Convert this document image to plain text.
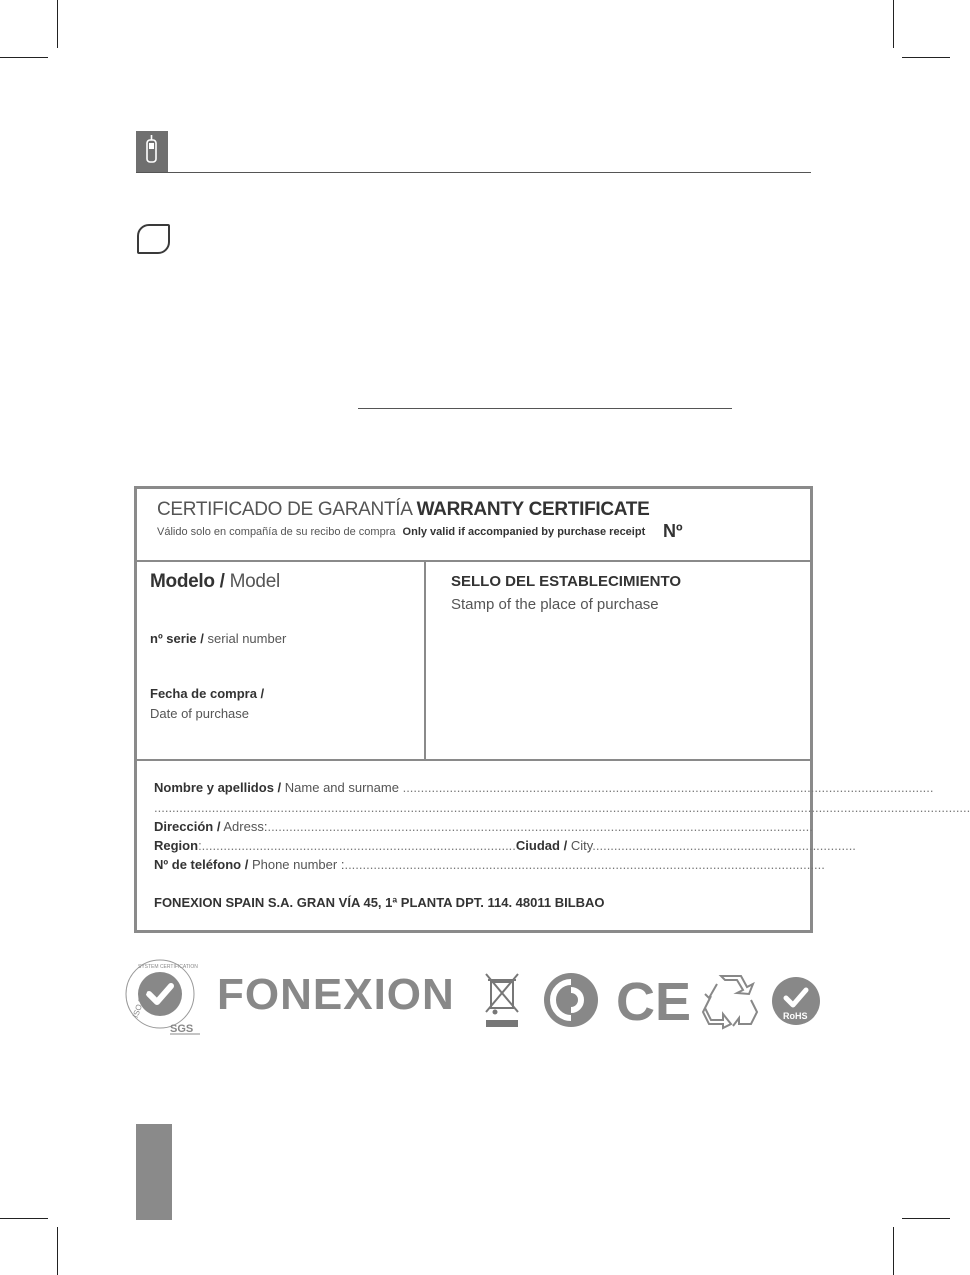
CERTIFICADO DE GARANTÍA WARRANTY CERTIFICATE
Válido solo en compañía de su recibo de compra Only valid if accompanied by purchase receipt Nº
Modelo / Model
nº serie / serial number
Fecha de compra /
Date of purchase
SELLO DEL ESTABLECIMIENTO
Stamp of the place of purchase
Nombre y apellidos / Name and surname ...................................................................................................................................................
..................................................................................................................................................................................................................................
Dirección / Adress:.......................................................................................................................................................
Region:.......................................................................................Ciudad / City.........................................................................
Nº de teléfono / Phone number :.....................................................................................................................................
FONEXION SPAIN S.A. GRAN VÍA 45, 1ª PLANTA DPT. 114. 48011 BILBAO
ISO 9001
SYSTEM CERTIFICATION
SGS
FONEXION	CE	RoHS
